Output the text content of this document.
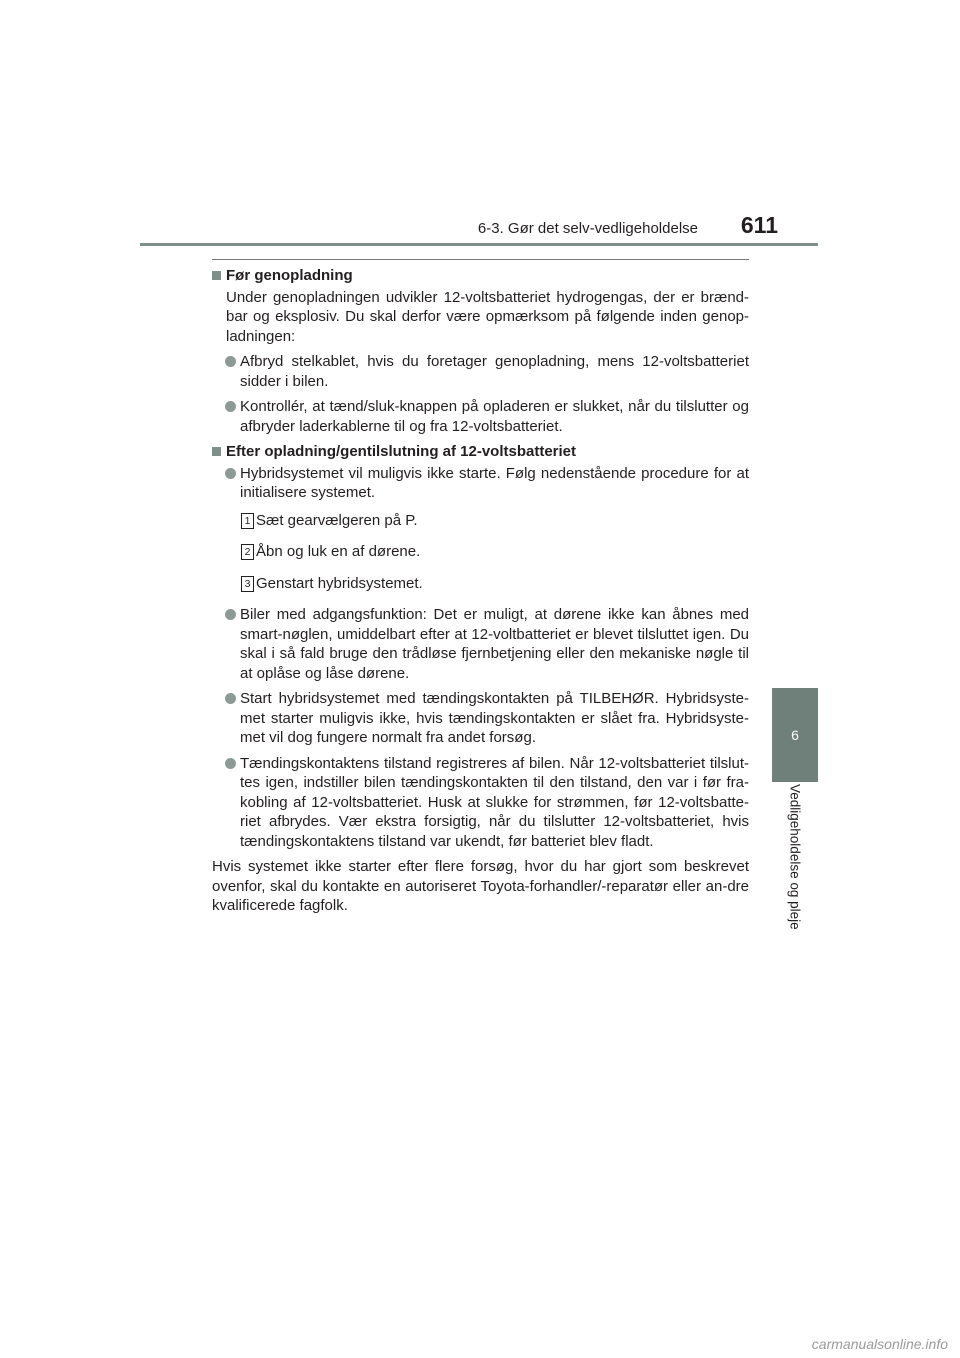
6-3. Gør det selv-vedligeholdelse 611
6
Vedligeholdelse og pleje
Før genopladning
Under genopladningen udvikler 12-voltsbatteriet hydrogengas, der er brænd-bar og eksplosiv. Du skal derfor være opmærksom på følgende inden genop-ladningen:
Afbryd stelkablet, hvis du foretager genopladning, mens 12-voltsbatteriet sidder i bilen.
Kontrollér, at tænd/sluk-knappen på opladeren er slukket, når du tilslutter og afbryder laderkablerne til og fra 12-voltsbatteriet.
Efter opladning/gentilslutning af 12-voltsbatteriet
Hybridsystemet vil muligvis ikke starte. Følg nedenstående procedure for at initialisere systemet.
1 Sæt gearvælgeren på P.
2 Åbn og luk en af dørene.
3 Genstart hybridsystemet.
Biler med adgangsfunktion: Det er muligt, at dørene ikke kan åbnes med smart-nøglen, umiddelbart efter at 12-voltbatteriet er blevet tilsluttet igen. Du skal i så fald bruge den trådløse fjernbetjening eller den mekaniske nøgle til at oplåse og låse dørene.
Start hybridsystemet med tændingskontakten på TILBEHØR. Hybridsyste-met starter muligvis ikke, hvis tændingskontakten er slået fra. Hybridsyste-met vil dog fungere normalt fra andet forsøg.
Tændingskontaktens tilstand registreres af bilen. Når 12-voltsbatteriet tilslut-tes igen, indstiller bilen tændingskontakten til den tilstand, den var i før fra-kobling af 12-voltsbatteriet. Husk at slukke for strømmen, før 12-voltsbatte-riet afbrydes. Vær ekstra forsigtig, når du tilslutter 12-voltsbatteriet, hvis tændingskontaktens tilstand var ukendt, før batteriet blev fladt.
Hvis systemet ikke starter efter flere forsøg, hvor du har gjort som beskrevet ovenfor, skal du kontakte en autoriseret Toyota-forhandler/-reparatør eller an-dre kvalificerede fagfolk.
carmanualsonline.info
